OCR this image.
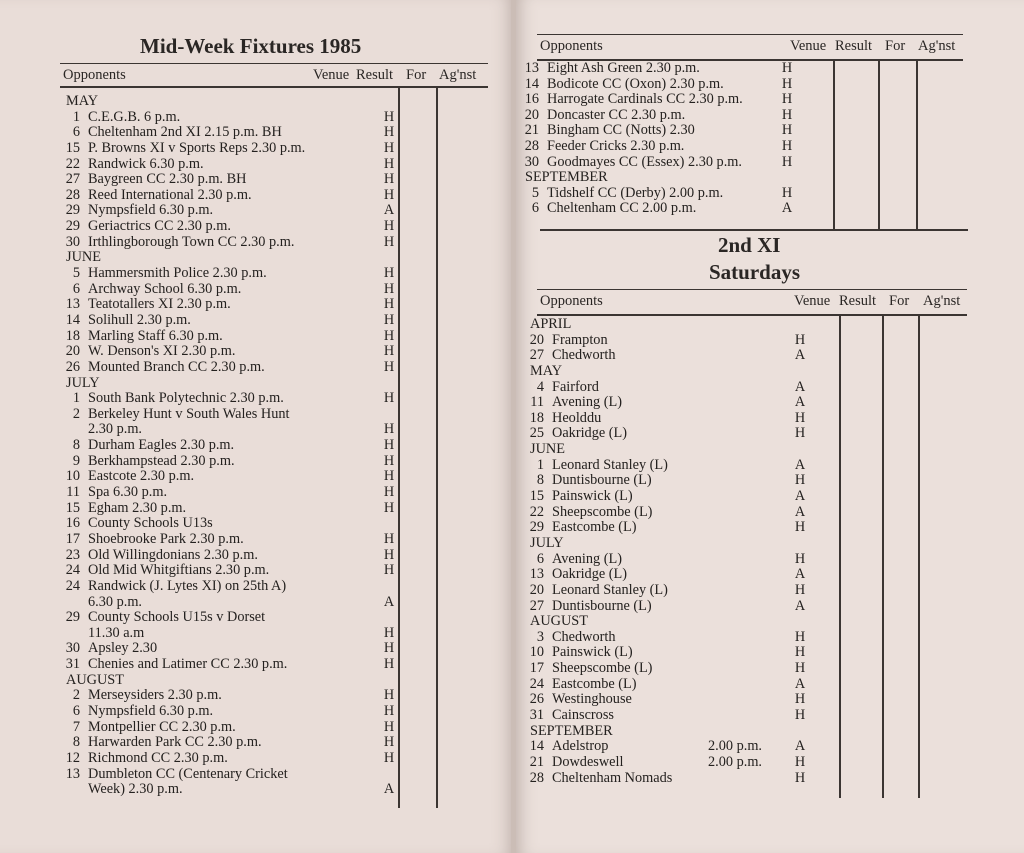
Mid-Week Fixtures 1985
Opponents	Venue Result For Ag'nst
MAY
1 C.E.G.B. 6 p.m.	H
6 Cheltenham 2nd XI 2.15 p.m. BH	H
15 P. Browns XI v Sports Reps 2.30 p.m.	H
22 Randwick 6.30 p.m.	H
27 Baygreen CC 2.30 p.m. BH	H
28 Reed International 2.30 p.m.	H
29 Nympsfield 6.30 p.m.	A
29 Geriactrics CC 2.30 p.m.	H
30 Irthlingborough Town CC 2.30 p.m.	H
JUNE
5 Hammersmith Police 2.30 p.m.	H
6 Archway School 6.30 p.m.	H
13 Teatotallers XI 2.30 p.m.	H
14 Solihull 2.30 p.m.	H
18 Marling Staff 6.30 p.m.	H
20 W. Denson's XI 2.30 p.m.	H
26 Mounted Branch CC 2.30 p.m.	H
JULY
1 South Bank Polytechnic 2.30 p.m.	H
2 Berkeley Hunt v South Wales Hunt
2.30 p.m.	H
8 Durham Eagles 2.30 p.m.	H
9 Berkhampstead 2.30 p.m.	H
10 Eastcote 2.30 p.m.	H
11 Spa 6.30 p.m.	H
15 Egham 2.30 p.m.	H
16 County Schools U13s
17 Shoebrooke Park 2.30 p.m.	H
23 Old Willingdonians 2.30 p.m.	H
24 Old Mid Whitgiftians 2.30 p.m.	H
24 Randwick (J. Lytes XI) on 25th A)
6.30 p.m.	A
29 County Schools U15s v Dorset
11.30 a.m	H
30 Apsley 2.30	H
31 Chenies and Latimer CC 2.30 p.m.	H
AUGUST
2 Merseysiders 2.30 p.m.	H
6 Nympsfield 6.30 p.m.	H
7 Montpellier CC 2.30 p.m.	H
8 Harwarden Park CC 2.30 p.m.	H
12 Richmond CC 2.30 p.m.	H
13 Dumbleton CC (Centenary Cricket
Week) 2.30 p.m.	A
Opponents	Venue Result For Ag'nst
13 Eight Ash Green 2.30 p.m.	H
14 Bodicote CC (Oxon) 2.30 p.m.	H
16 Harrogate Cardinals CC 2.30 p.m.	H
20 Doncaster CC 2.30 p.m.	H
21 Bingham CC (Notts) 2.30	H
28 Feeder Cricks 2.30 p.m.	H
30 Goodmayes CC (Essex) 2.30 p.m.	H
SEPTEMBER
5 Tidshelf CC (Derby) 2.00 p.m.	H
6 Cheltenham CC 2.00 p.m.	A
2nd XI
Saturdays
Opponents	Venue Result For Ag'nst
APRIL
20 Frampton	H
27 Chedworth	A
MAY
4 Fairford	A
11 Avening (L)	A
18 Heolddu	H
25 Oakridge (L)	H
JUNE
1 Leonard Stanley (L)	A
8 Duntisbourne (L)	H
15 Painswick (L)	A
22 Sheepscombe (L)	A
29 Eastcombe (L)	H
JULY
6 Avening (L)	H
13 Oakridge (L)	A
20 Leonard Stanley (L)	H
27 Duntisbourne (L)	A
AUGUST
3 Chedworth	H
10 Painswick (L)	H
17 Sheepscombe (L)	H
24 Eastcombe (L)	A
26 Westinghouse	H
31 Cainscross	H
SEPTEMBER
14 Adelstrop	2.00 p.m. A
21 Dowdeswell	2.00 p.m. H
28 Cheltenham Nomads	H
